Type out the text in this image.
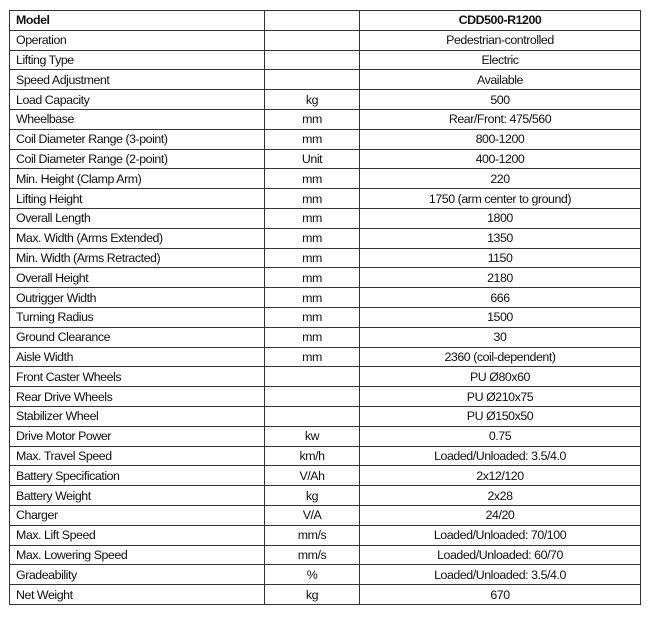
Model		CDD500-R1200
Operation		Pedestrian-controlled
Lifting Type		Electric
Speed Adjustment		Available
Load Capacity	kg	500
Wheelbase	mm	Rear/Front: 475/560
Coil Diameter Range (3-point)	mm	800-1200
Coil Diameter Range (2-point)	Unit	400-1200
Min. Height (Clamp Arm)	mm	220
Lifting Height	mm	1750 (arm center to ground)
Overall Length	mm	1800
Max. Width (Arms Extended)	mm	1350
Min. Width (Arms Retracted)	mm	1150
Overall Height	mm	2180
Outrigger Width	mm	666
Turning Radius	mm	1500
Ground Clearance	mm	30
Aisle Width	mm	2360 (coil-dependent)
Front Caster Wheels		PU Ø80x60
Rear Drive Wheels		PU Ø210x75
Stabilizer Wheel		PU Ø150x50
Drive Motor Power	kw	0.75
Max. Travel Speed	km/h	Loaded/Unloaded: 3.5/4.0
Battery Specification	V/Ah	2x12/120
Battery Weight	kg	2x28
Charger	V/A	24/20
Max. Lift Speed	mm/s	Loaded/Unloaded: 70/100
Max. Lowering Speed	mm/s	Loaded/Unloaded: 60/70
Gradeability	%	Loaded/Unloaded: 3.5/4.0
Net Weight	kg	670
